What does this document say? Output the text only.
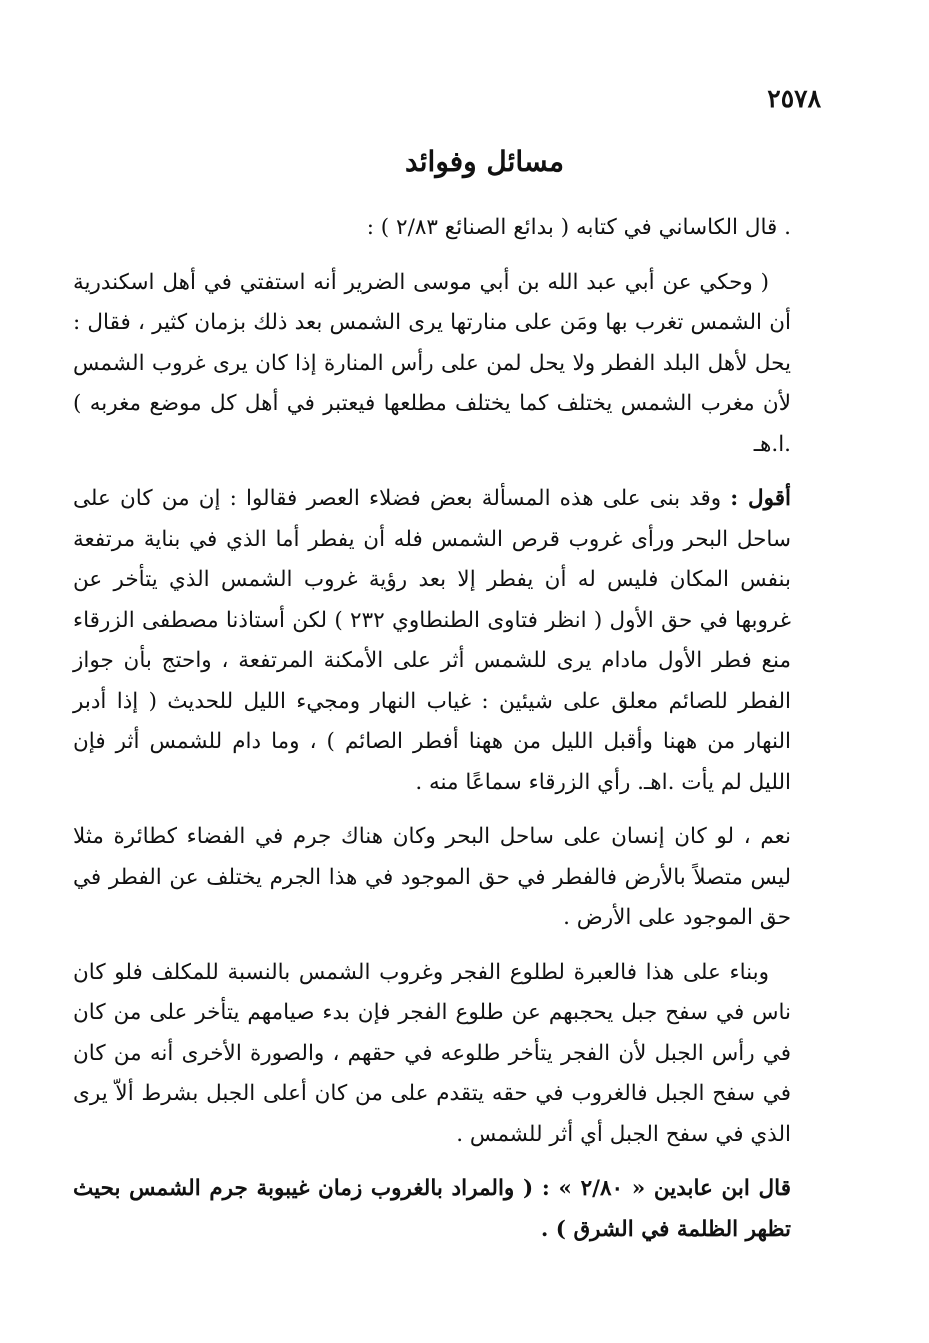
٢٥٧٨
مسائل وفوائد

. قال الكاساني في كتابه ( بدائع الصنائع ٢/٨٣ ) :

( وحكي عن أبي عبد الله بن أبي موسى الضرير أنه استفتي في أهل اسكندرية أن الشمس تغرب بها ومَن على منارتها يرى الشمس بعد ذلك بزمان كثير ، فقال : يحل لأهل البلد الفطر ولا يحل لمن على رأس المنارة إذا كان يرى غروب الشمس لأن مغرب الشمس يختلف كما يختلف مطلعها فيعتبر في أهل كل موضع مغربه ) .ا.هـ

أقول : وقد بنى على هذه المسألة بعض فضلاء العصر فقالوا : إن من كان على ساحل البحر ورأى غروب قرص الشمس فله أن يفطر أما الذي في بناية مرتفعة بنفس المكان فليس له أن يفطر إلا بعد رؤية غروب الشمس الذي يتأخر عن غروبها في حق الأول ( انظر فتاوى الطنطاوي ٢٣٢ ) لكن أستاذنا مصطفى الزرقاء منع فطر الأول مادام يرى للشمس أثر على الأمكنة المرتفعة ، واحتج بأن جواز الفطر للصائم معلق على شيئين : غياب النهار ومجيء الليل للحديث ( إذا أدبر النهار من ههنا وأقبل الليل من ههنا أفطر الصائم ) ، وما دام للشمس أثر فإن الليل لم يأت .اهـ. رأي الزرقاء سماعًا منه .

نعم ، لو كان إنسان على ساحل البحر وكان هناك جرم في الفضاء كطائرة مثلا ليس متصلاً بالأرض فالفطر في حق الموجود في هذا الجرم يختلف عن الفطر في حق الموجود على الأرض .

وبناء على هذا فالعبرة لطلوع الفجر وغروب الشمس بالنسبة للمكلف فلو كان ناس في سفح جبل يحجبهم عن طلوع الفجر فإن بدء صيامهم يتأخر على من كان في رأس الجبل لأن الفجر يتأخر طلوعه في حقهم ، والصورة الأخرى أنه من كان في سفح الجبل فالغروب في حقه يتقدم على من كان أعلى الجبل بشرط ألاّ يرى الذي في سفح الجبل أي أثر للشمس .

قال ابن عابدين « ٢/٨٠ » : ( والمراد بالغروب زمان غيبوبة جرم الشمس بحيث تظهر الظلمة في الشرق ) .
